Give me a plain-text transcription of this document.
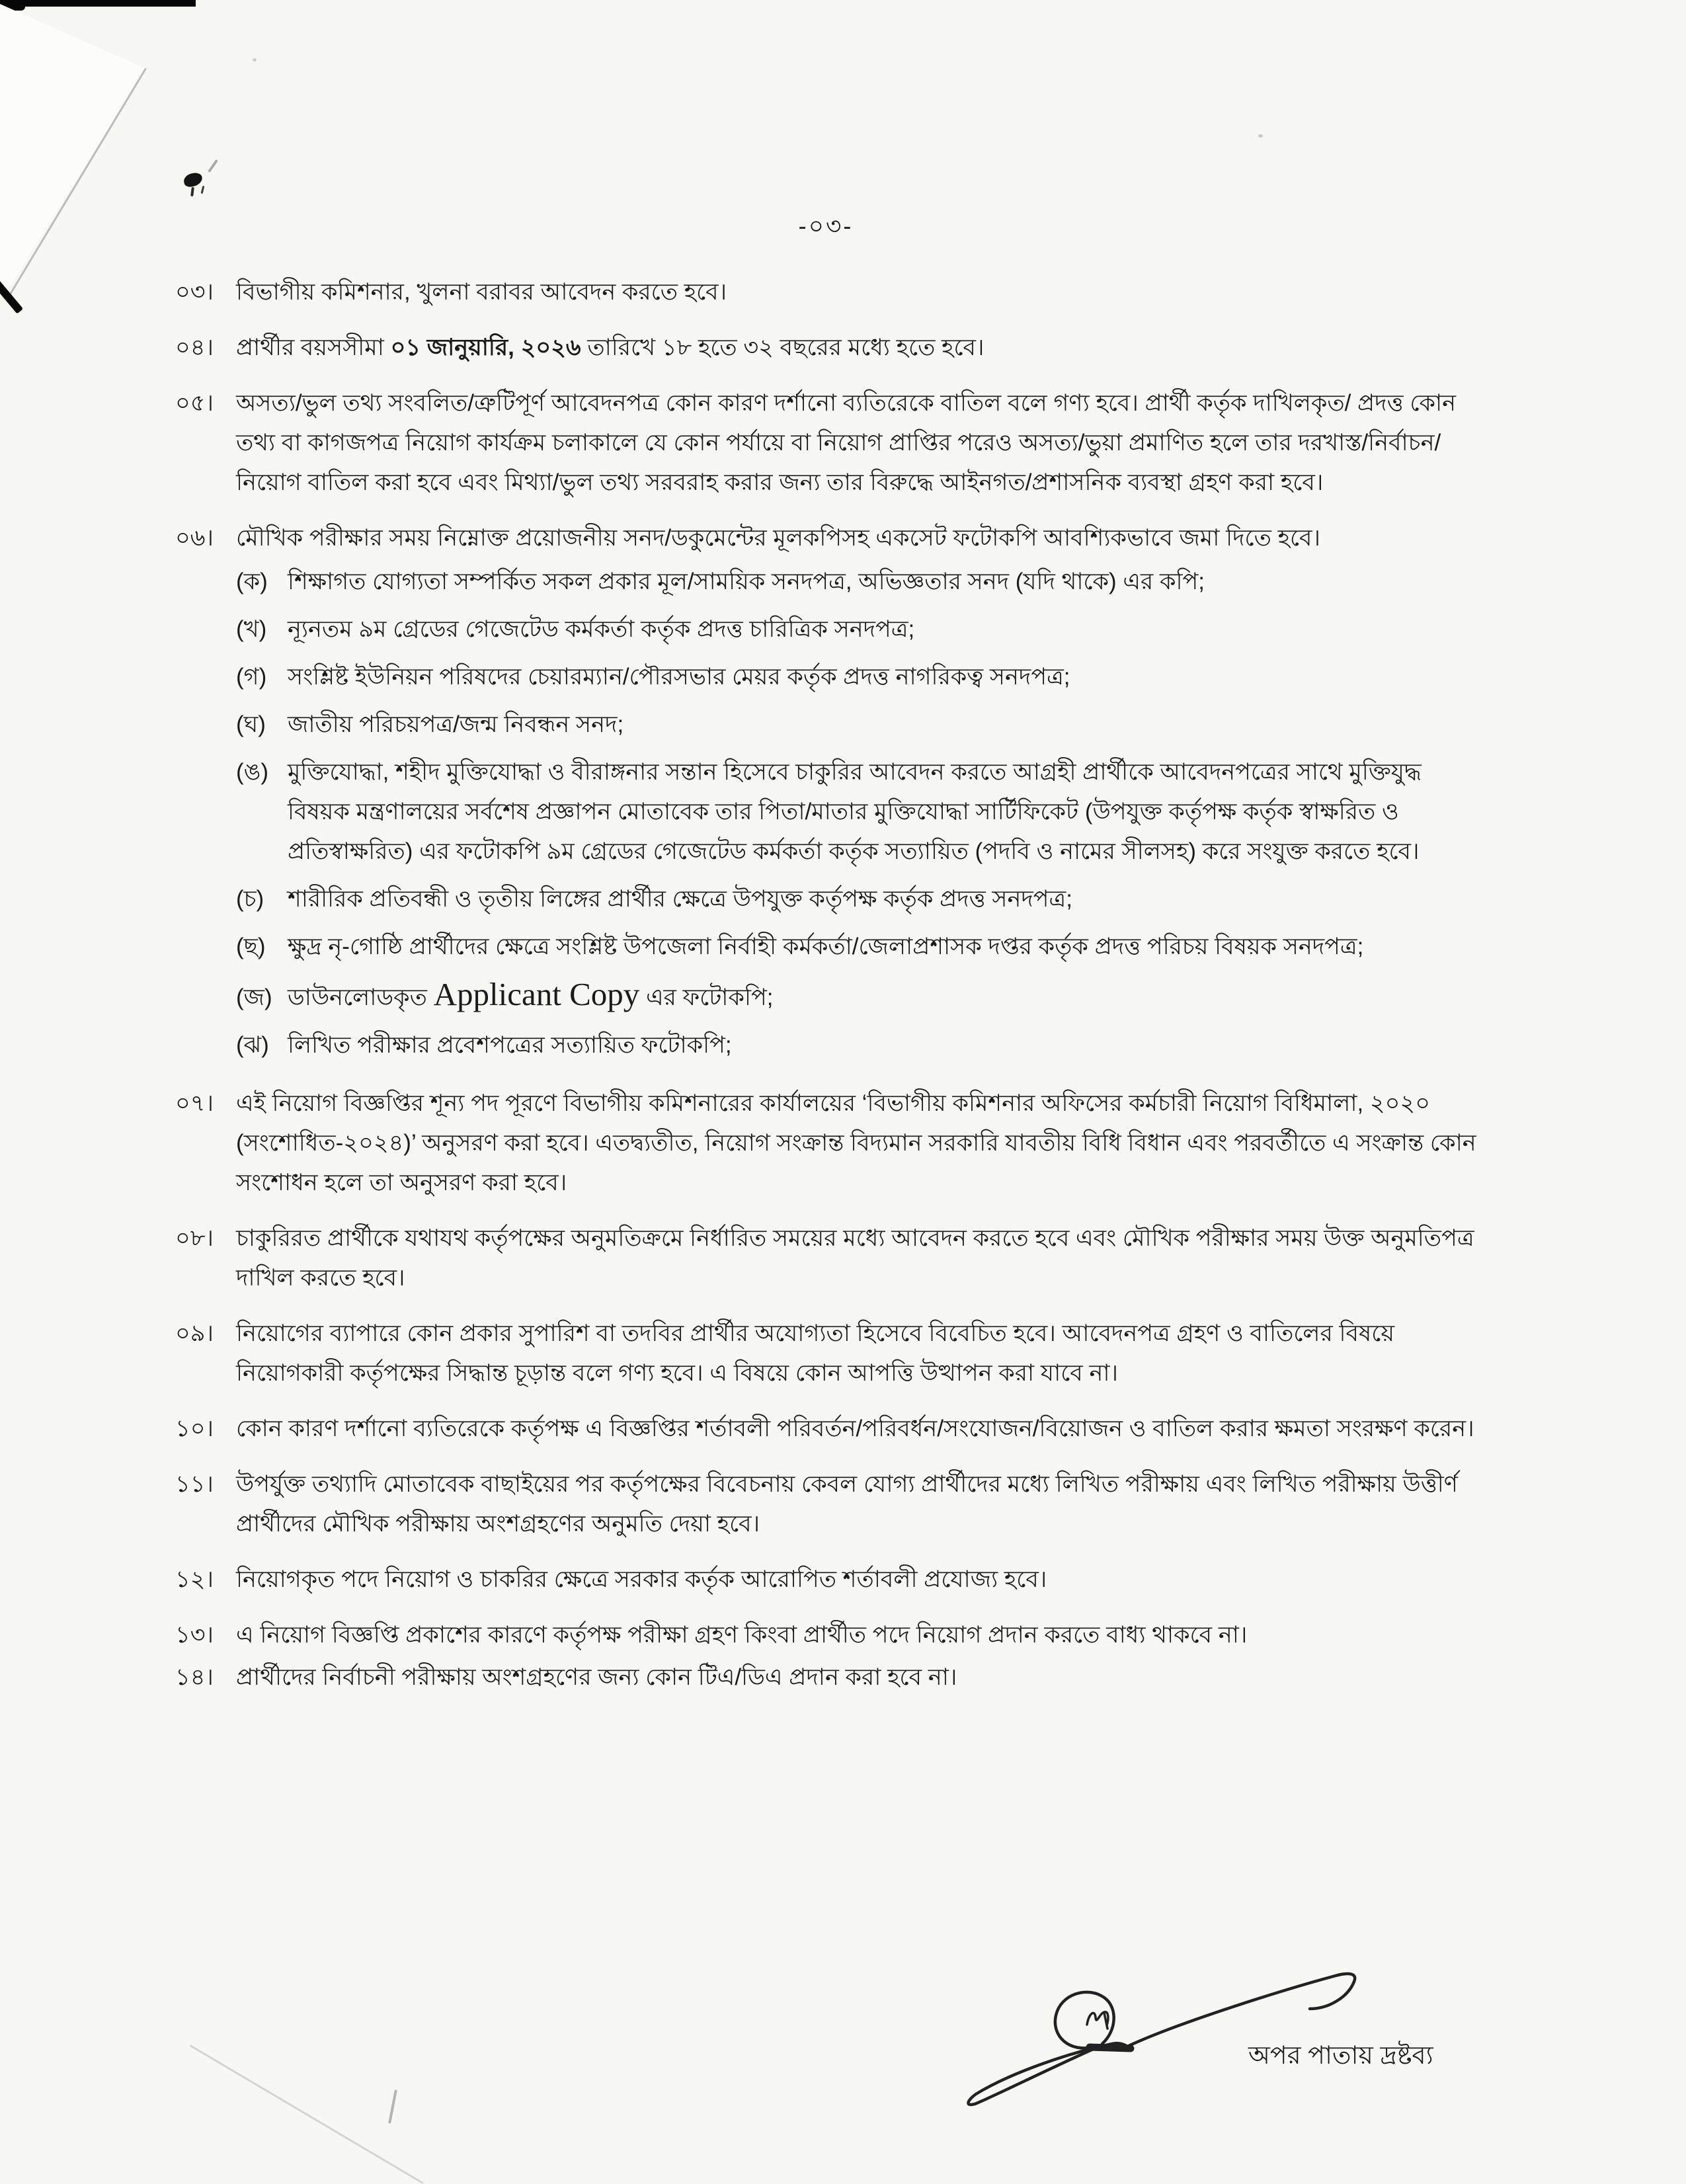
-০৩-
০৩। বিভাগীয় কমিশনার, খুলনা বরাবর আবেদন করতে হবে।
০৪। প্রার্থীর বয়সসীমা ০১ জানুয়ারি, ২০২৬ তারিখে ১৮ হতে ৩২ বছরের মধ্যে হতে হবে।
০৫। অসত্য/ভুল তথ্য সংবলিত/ত্রুটিপূর্ণ আবেদনপত্র কোন কারণ দর্শানো ব্যতিরেকে বাতিল বলে গণ্য হবে। প্রার্থী কর্তৃক দাখিলকৃত/ প্রদত্ত কোন তথ্য বা কাগজপত্র নিয়োগ কার্যক্রম চলাকালে যে কোন পর্যায়ে বা নিয়োগ প্রাপ্তির পরেও অসত্য/ভুয়া প্রমাণিত হলে তার দরখাস্ত/নির্বাচন/নিয়োগ বাতিল করা হবে এবং মিথ্যা/ভুল তথ্য সরবরাহ করার জন্য তার বিরুদ্ধে আইনগত/প্রশাসনিক ব্যবস্থা গ্রহণ করা হবে।
০৬। মৌখিক পরীক্ষার সময় নিম্নোক্ত প্রয়োজনীয় সনদ/ডকুমেন্টের মূলকপিসহ একসেট ফটোকপি আবশ্যিকভাবে জমা দিতে হবে।
(ক) শিক্ষাগত যোগ্যতা সম্পর্কিত সকল প্রকার মূল/সাময়িক সনদপত্র, অভিজ্ঞতার সনদ (যদি থাকে) এর কপি;
(খ) ন্যূনতম ৯ম গ্রেডের গেজেটেড কর্মকর্তা কর্তৃক প্রদত্ত চারিত্রিক সনদপত্র;
(গ) সংশ্লিষ্ট ইউনিয়ন পরিষদের চেয়ারম্যান/পৌরসভার মেয়র কর্তৃক প্রদত্ত নাগরিকত্ব সনদপত্র;
(ঘ) জাতীয় পরিচয়পত্র/জন্ম নিবন্ধন সনদ;
(ঙ) মুক্তিযোদ্ধা, শহীদ মুক্তিযোদ্ধা ও বীরাঙ্গনার সন্তান হিসেবে চাকুরির আবেদন করতে আগ্রহী প্রার্থীকে আবেদনপত্রের সাথে মুক্তিযুদ্ধ বিষয়ক মন্ত্রণালয়ের সর্বশেষ প্রজ্ঞাপন মোতাবেক তার পিতা/মাতার মুক্তিযোদ্ধা সার্টিফিকেট (উপযুক্ত কর্তৃপক্ষ কর্তৃক স্বাক্ষরিত ও প্রতিস্বাক্ষরিত) এর ফটোকপি ৯ম গ্রেডের গেজেটেড কর্মকর্তা কর্তৃক সত্যায়িত (পদবি ও নামের সীলসহ) করে সংযুক্ত করতে হবে।
(চ) শারীরিক প্রতিবন্ধী ও তৃতীয় লিঙ্গের প্রার্থীর ক্ষেত্রে উপযুক্ত কর্তৃপক্ষ কর্তৃক প্রদত্ত সনদপত্র;
(ছ) ক্ষুদ্র নৃ-গোষ্ঠি প্রার্থীদের ক্ষেত্রে সংশ্লিষ্ট উপজেলা নির্বাহী কর্মকর্তা/জেলাপ্রশাসক দপ্তর কর্তৃক প্রদত্ত পরিচয় বিষয়ক সনদপত্র;
(জ) ডাউনলোডকৃত Applicant Copy এর ফটোকপি;
(ঝ) লিখিত পরীক্ষার প্রবেশপত্রের সত্যায়িত ফটোকপি;
০৭। এই নিয়োগ বিজ্ঞপ্তির শূন্য পদ পূরণে বিভাগীয় কমিশনারের কার্যালয়ের ‘বিভাগীয় কমিশনার অফিসের কর্মচারী নিয়োগ বিধিমালা, ২০২০ (সংশোধিত-২০২৪)’ অনুসরণ করা হবে। এতদ্ব্যতীত, নিয়োগ সংক্রান্ত বিদ্যমান সরকারি যাবতীয় বিধি বিধান এবং পরবর্তীতে এ সংক্রান্ত কোন সংশোধন হলে তা অনুসরণ করা হবে।
০৮। চাকুরিরত প্রার্থীকে যথাযথ কর্তৃপক্ষের অনুমতিক্রমে নির্ধারিত সময়ের মধ্যে আবেদন করতে হবে এবং মৌখিক পরীক্ষার সময় উক্ত অনুমতিপত্র দাখিল করতে হবে।
০৯। নিয়োগের ব্যাপারে কোন প্রকার সুপারিশ বা তদবির প্রার্থীর অযোগ্যতা হিসেবে বিবেচিত হবে। আবেদনপত্র গ্রহণ ও বাতিলের বিষয়ে নিয়োগকারী কর্তৃপক্ষের সিদ্ধান্ত চূড়ান্ত বলে গণ্য হবে। এ বিষয়ে কোন আপত্তি উত্থাপন করা যাবে না।
১০। কোন কারণ দর্শানো ব্যতিরেকে কর্তৃপক্ষ এ বিজ্ঞপ্তির শর্তাবলী পরিবর্তন/পরিবর্ধন/সংযোজন/বিয়োজন ও বাতিল করার ক্ষমতা সংরক্ষণ করেন।
১১। উপর্যুক্ত তথ্যাদি মোতাবেক বাছাইয়ের পর কর্তৃপক্ষের বিবেচনায় কেবল যোগ্য প্রার্থীদের মধ্যে লিখিত পরীক্ষায় এবং লিখিত পরীক্ষায় উত্তীর্ণ প্রার্থীদের মৌখিক পরীক্ষায় অংশগ্রহণের অনুমতি দেয়া হবে।
১২। নিয়োগকৃত পদে নিয়োগ ও চাকরির ক্ষেত্রে সরকার কর্তৃক আরোপিত শর্তাবলী প্রযোজ্য হবে।
১৩। এ নিয়োগ বিজ্ঞপ্তি প্রকাশের কারণে কর্তৃপক্ষ পরীক্ষা গ্রহণ কিংবা প্রার্থীত পদে নিয়োগ প্রদান করতে বাধ্য থাকবে না।
১৪। প্রার্থীদের নির্বাচনী পরীক্ষায় অংশগ্রহণের জন্য কোন টিএ/ডিএ প্রদান করা হবে না।
অপর পাতায় দ্রষ্টব্য
